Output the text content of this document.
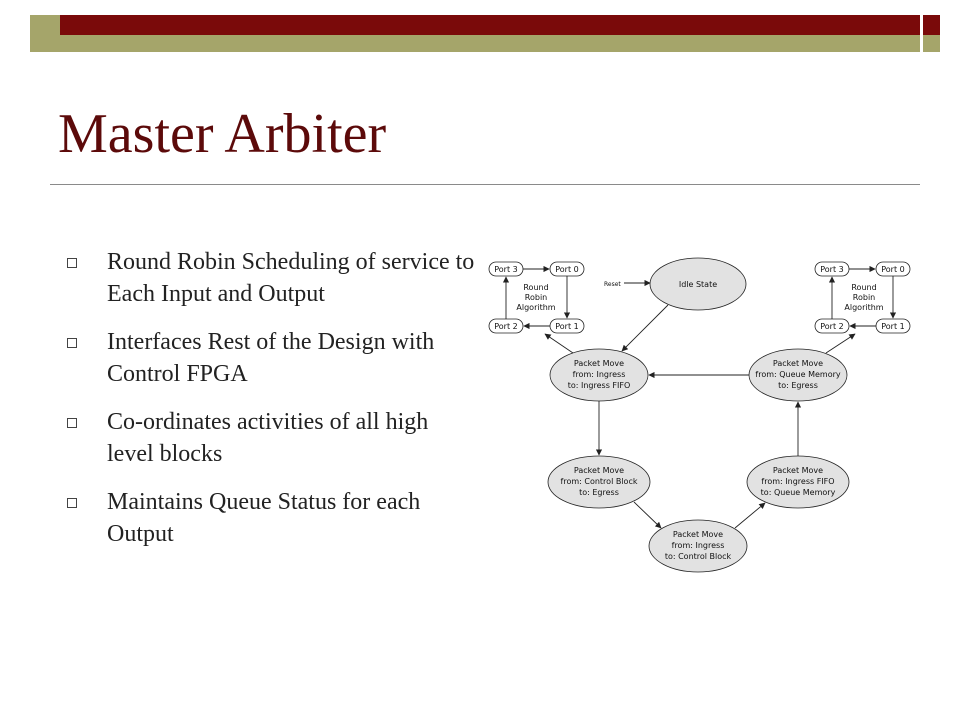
Master Arbiter
Round Robin Scheduling of service to Each Input and Output
Interfaces Rest of the Design with Control FPGA
Co-ordinates activities of all high level blocks
Maintains Queue Status for each Output
Port 3	Port 0
Port 2	Port 1
Round
Robin
Algorithm
Port 3	Port 0
Port 2	Port 1
Round
Robin
Algorithm
Reset	Idle State
Packet Move
from: Ingress
to: Ingress FIFO
Packet Move
from: Queue Memory
to: Egress
Packet Move
from: Control Block
to: Egress
Packet Move
from: Ingress FIFO
to: Queue Memory
Packet Move
from: Ingress
to: Control Block
